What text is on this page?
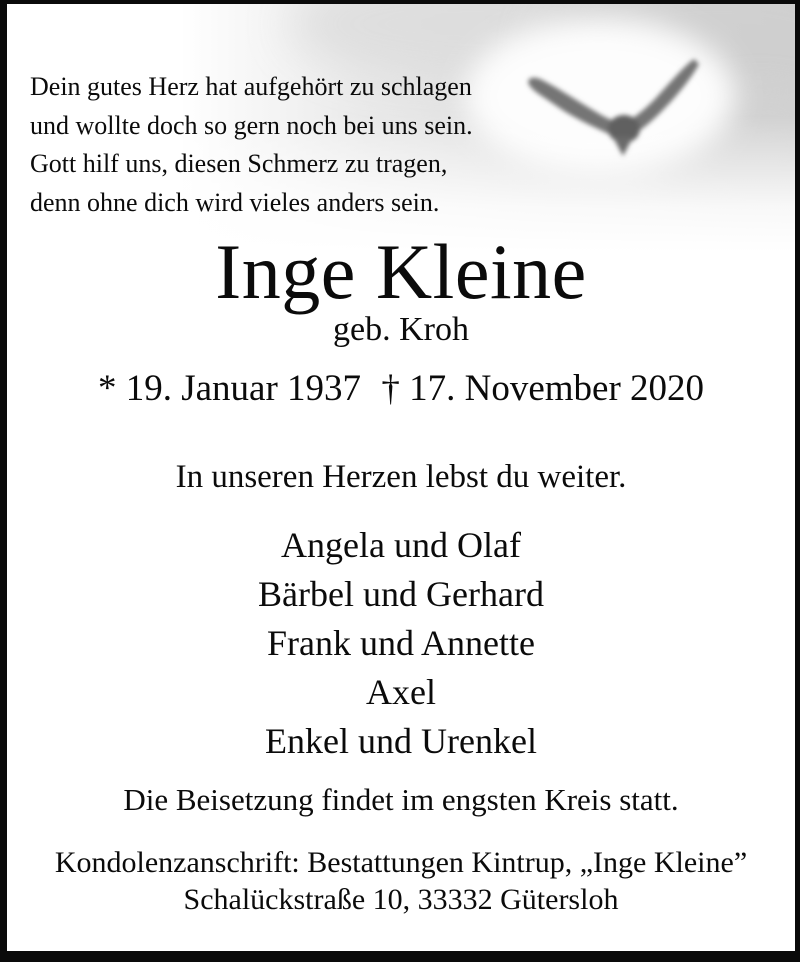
Dein gutes Herz hat aufgehört zu schlagen
und wollte doch so gern noch bei uns sein.
Gott hilf uns, diesen Schmerz zu tragen,
denn ohne dich wird vieles anders sein.
Inge Kleine
geb. Kroh
* 19. Januar 1937 † 17. November 2020
In unseren Herzen lebst du weiter.
Angela und Olaf
Bärbel und Gerhard
Frank und Annette
Axel
Enkel und Urenkel
Die Beisetzung findet im engsten Kreis statt.
Kondolenzanschrift: Bestattungen Kintrup, „Inge Kleine”
Schalückstraße 10, 33332 Gütersloh
